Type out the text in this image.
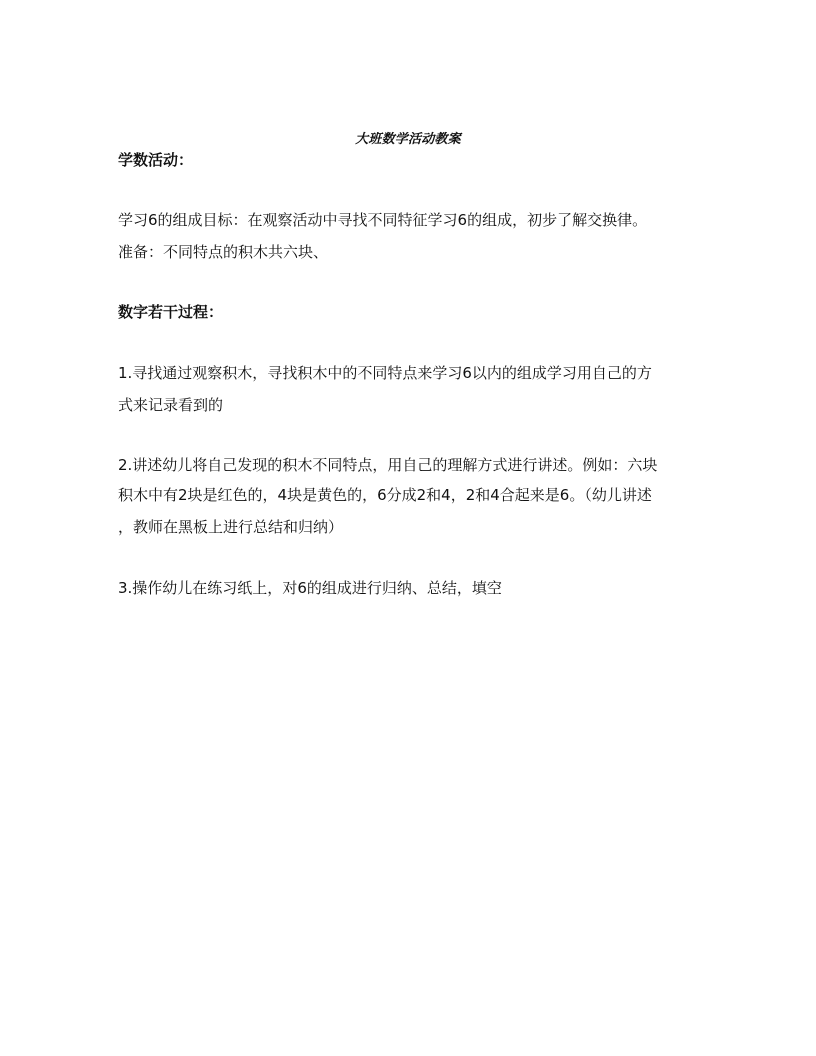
大班数学活动教案
学数活动：
学习6的组成目标：在观察活动中寻找不同特征学习6的组成，初步了解交换律。
准备：不同特点的积木共六块、
数字若干过程：
1.寻找通过观察积木，寻找积木中的不同特点来学习6以内的组成学习用自己的方
式来记录看到的
2.讲述幼儿将自己发现的积木不同特点，用自己的理解方式进行讲述。例如：六块
积木中有2块是红色的，4块是黄色的，6分成2和4，2和4合起来是6。（幼儿讲述
，教师在黑板上进行总结和归纳）
3.操作幼儿在练习纸上，对6的组成进行归纳、总结，填空
